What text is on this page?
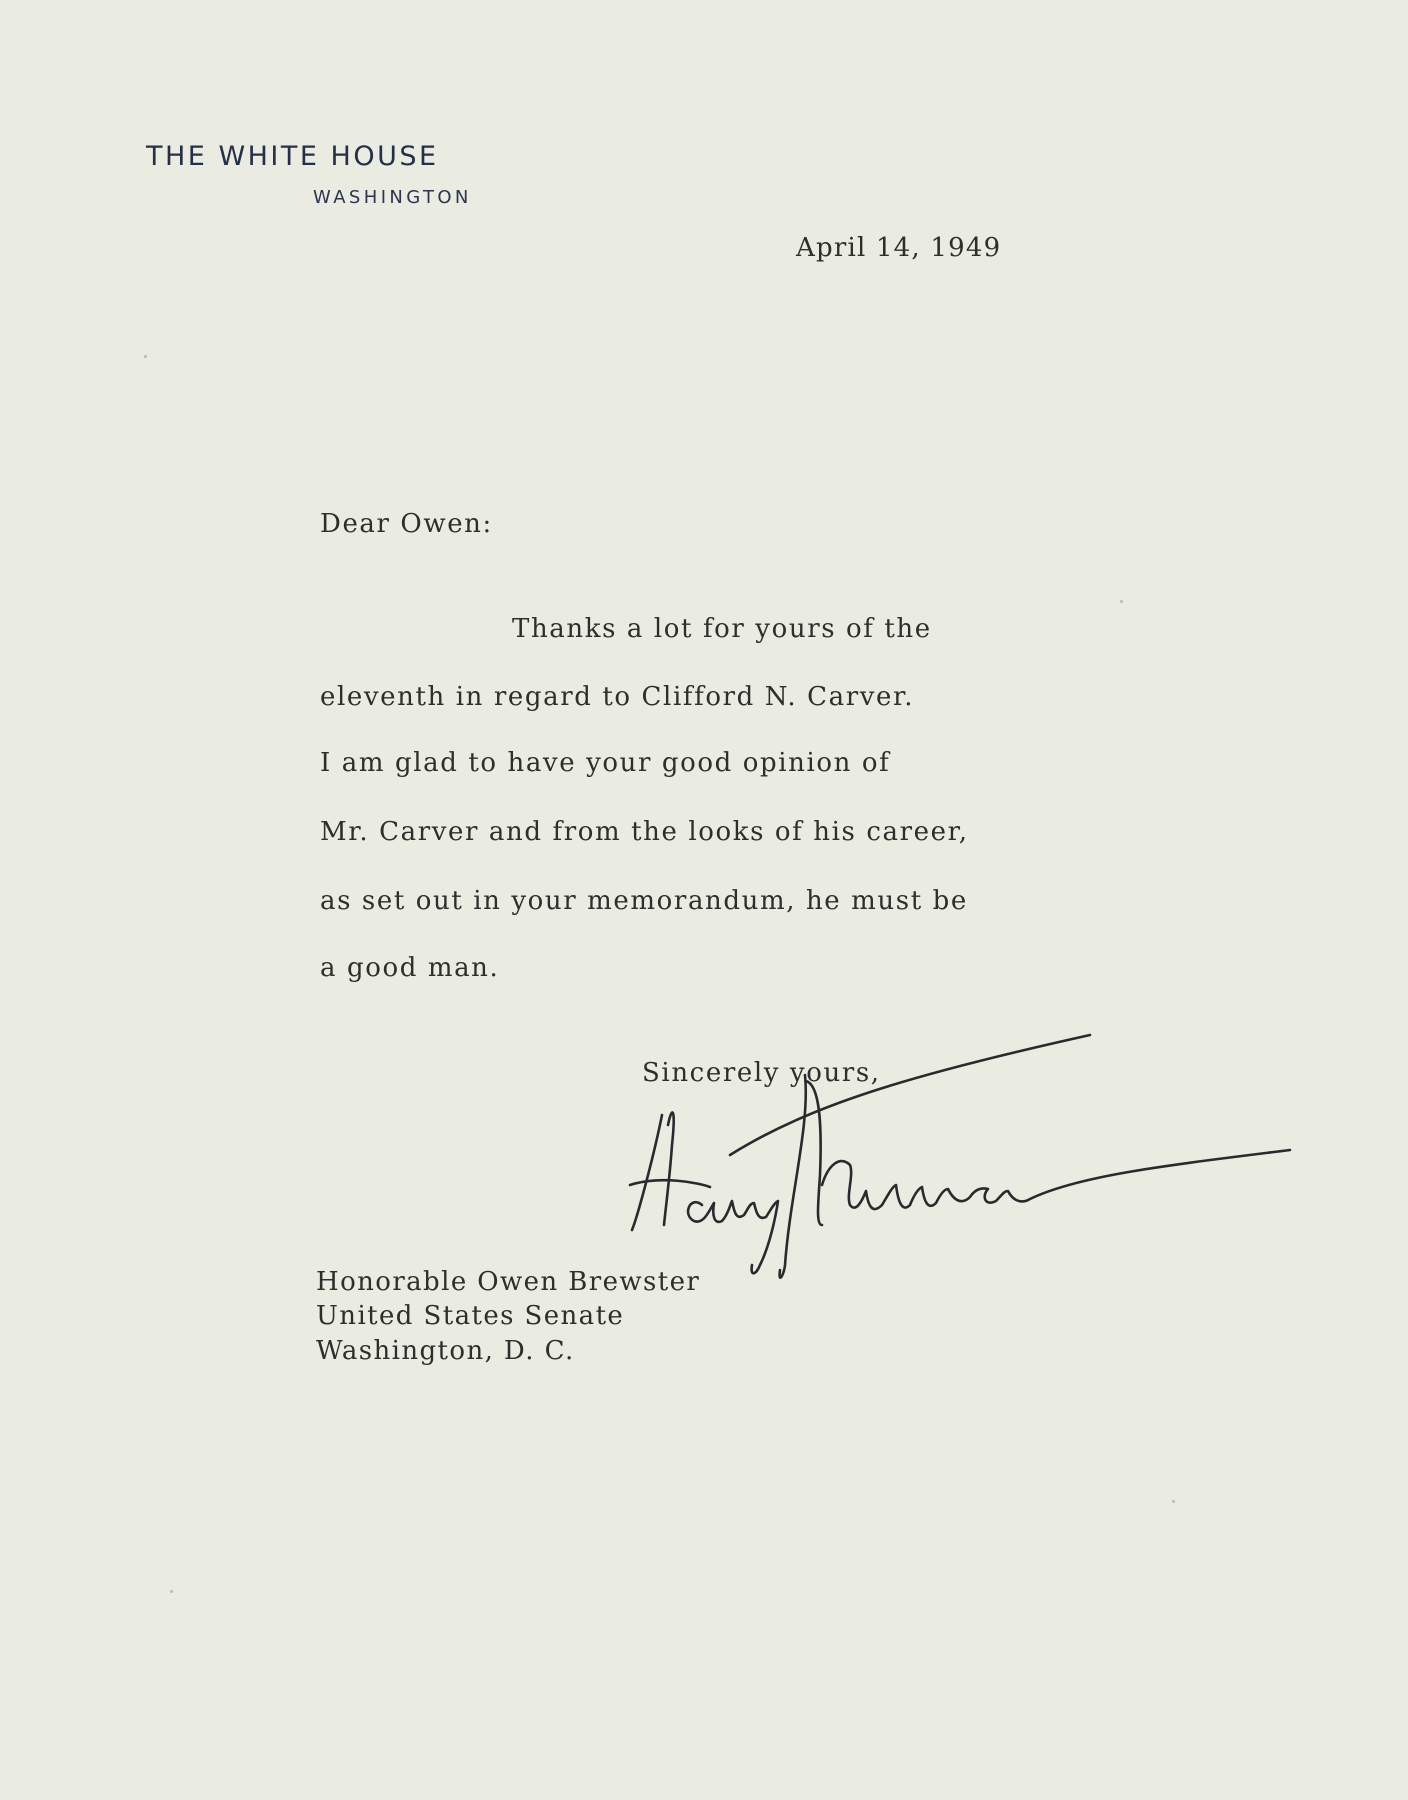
THE WHITE HOUSE
WASHINGTON
April 14, 1949
Dear Owen:
Thanks a lot for yours of the
eleventh in regard to Clifford N. Carver.
I am glad to have your good opinion of
Mr. Carver and from the looks of his career,
as set out in your memorandum, he must be
a good man.
Sincerely yours,
Honorable Owen Brewster
United States Senate
Washington, D. C.
